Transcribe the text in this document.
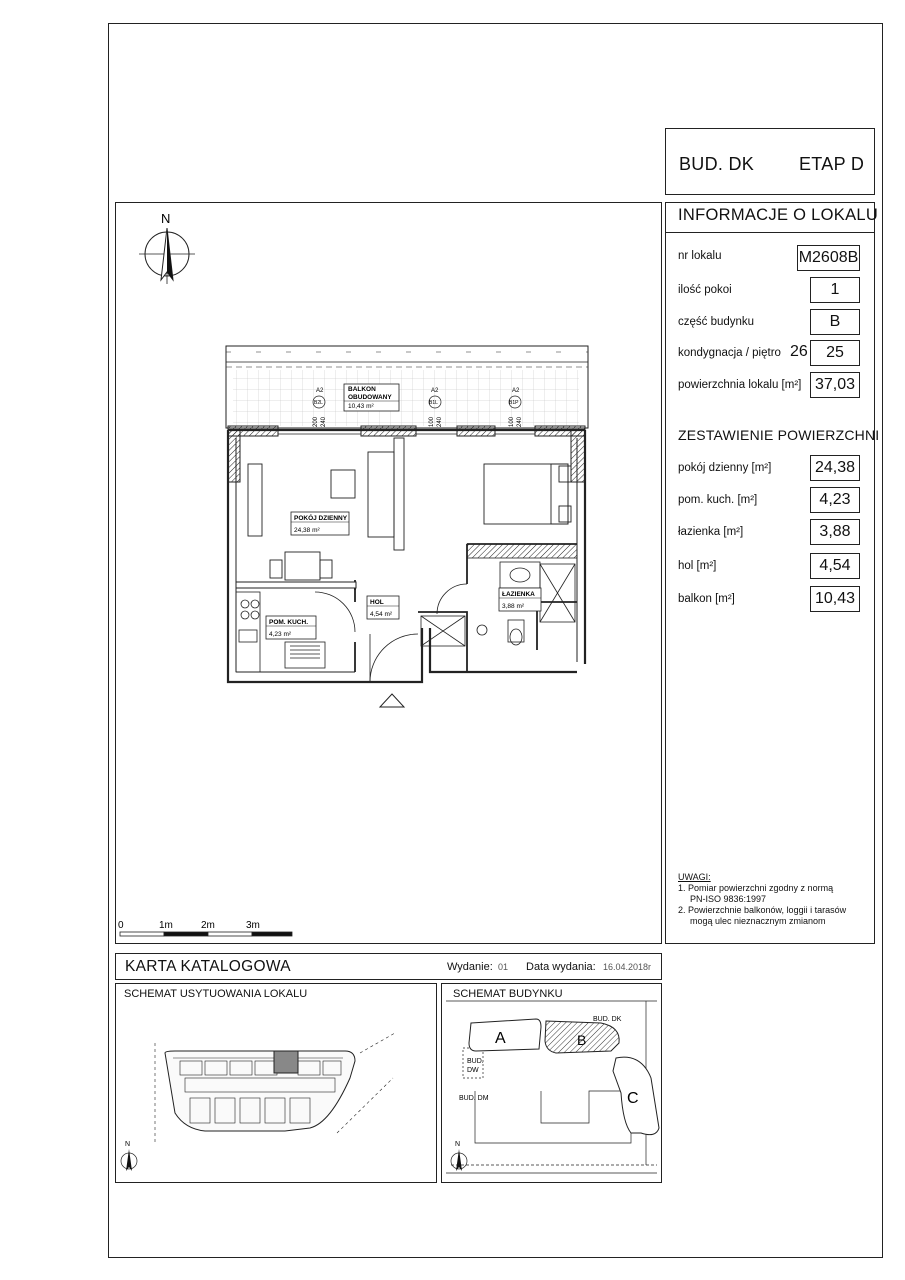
BUD. DK ETAP D
INFORMACJE O LOKALU
nr lokalu	M2608B
ilość pokoi	1
część budynku	B
kondygnacja / piętro 26	25
powierzchnia lokalu [m²] 37,03
ZESTAWIENIE POWIERZCHNI
pokój dzienny [m²]	24,38
pom. kuch. [m²]	4,23
łazienka [m²]	3,88
hol [m²]	4,54
balkon [m²]	10,43
UWAGI:
1. Pomiar powierzchni zgodny z normą
PN-ISO 9836:1997
2. Powierzchnie balkonów, loggii i tarasów
mogą ulec nieznacznym zmianom
N
A2
B2L
200 240
A2
B1L
100 240
A2
B1P
100 240
BALKON
OBUDOWANY
10,43 m²
POKÓJ DZIENNY
24,38 m²
POM. KUCH.
4,23 m²
HOL
4,54 m²
ŁAZIENKA
3,88 m²
0	1m	2m	3m
KARTA KATALOGOWA	Wydanie: 01 Data wydania: 16.04.2018r
SCHEMAT USYTUOWANIA LOKALU	SCHEMAT BUDYNKU
N
A	B
C
BUD. DK
BUD.
DW
BUD. DM
N
